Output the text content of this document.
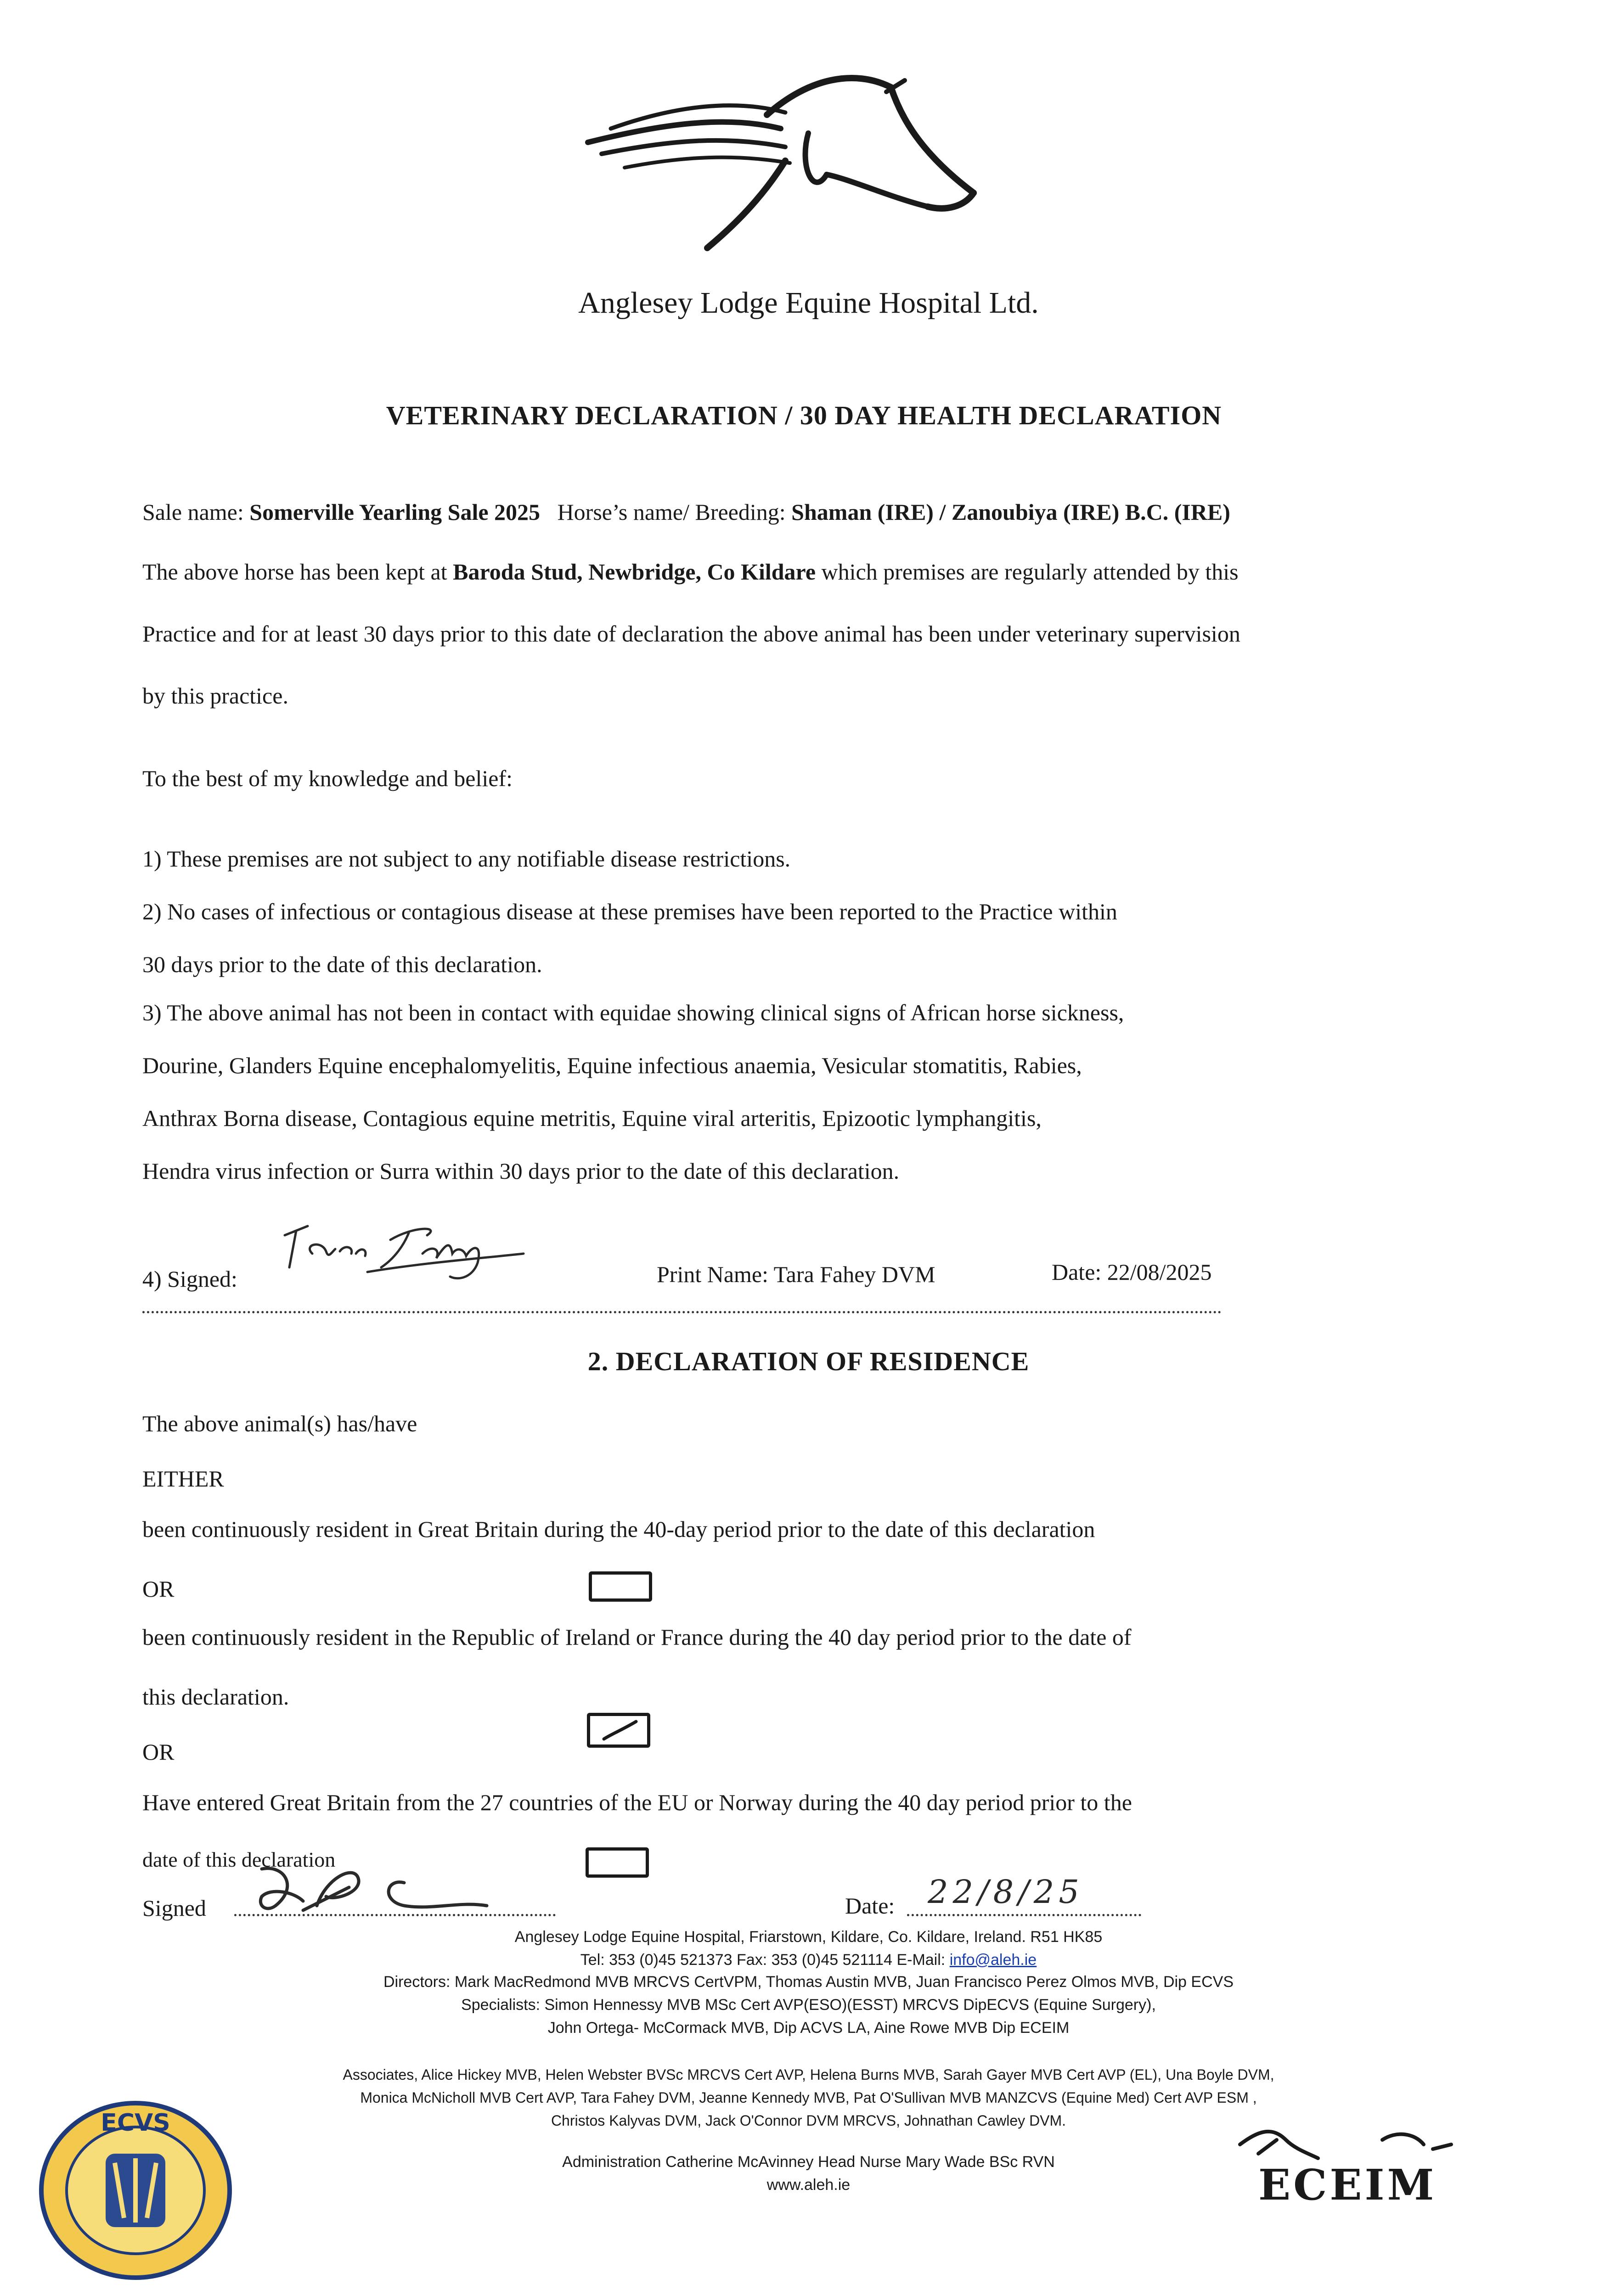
Anglesey Lodge Equine Hospital Ltd.
VETERINARY DECLARATION / 30 DAY HEALTH DECLARATION
Sale name: Somerville Yearling Sale 2025 Horse’s name/ Breeding: Shaman (IRE) / Zanoubiya (IRE) B.C. (IRE)
The above horse has been kept at Baroda Stud, Newbridge, Co Kildare which premises are regularly attended by this
Practice and for at least 30 days prior to this date of declaration the above animal has been under veterinary supervision
by this practice.
To the best of my knowledge and belief:
1) These premises are not subject to any notifiable disease restrictions.
2) No cases of infectious or contagious disease at these premises have been reported to the Practice within
30 days prior to the date of this declaration.
3) The above animal has not been in contact with equidae showing clinical signs of African horse sickness,
Dourine, Glanders Equine encephalomyelitis, Equine infectious anaemia, Vesicular stomatitis, Rabies,
Anthrax Borna disease, Contagious equine metritis, Equine viral arteritis, Epizootic lymphangitis,
Hendra virus infection or Surra within 30 days prior to the date of this declaration.
4) Signed:	Print Name: Tara Fahey DVM	Date: 22/08/2025
2. DECLARATION OF RESIDENCE
The above animal(s) has/have
EITHER
been continuously resident in Great Britain during the 40-day period prior to the date of this declaration
OR
been continuously resident in the Republic of Ireland or France during the 40 day period prior to the date of
this declaration.
OR
Have entered Great Britain from the 27 countries of the EU or Norway during the 40 day period prior to the
date of this declaration
Signed	Date: 22/8/25
Anglesey Lodge Equine Hospital, Friarstown, Kildare, Co. Kildare, Ireland. R51 HK85
Tel: 353 (0)45 521373 Fax: 353 (0)45 521114 E-Mail: info@aleh.ie
Directors: Mark MacRedmond MVB MRCVS CertVPM, Thomas Austin MVB, Juan Francisco Perez Olmos MVB, Dip ECVS
Specialists: Simon Hennessy MVB MSc Cert AVP(ESO)(ESST) MRCVS DipECVS (Equine Surgery),
John Ortega- McCormack MVB, Dip ACVS LA, Aine Rowe MVB Dip ECEIM
Associates, Alice Hickey MVB, Helen Webster BVSc MRCVS Cert AVP, Helena Burns MVB, Sarah Gayer MVB Cert AVP (EL), Una Boyle DVM,
Monica McNicholl MVB Cert AVP, Tara Fahey DVM, Jeanne Kennedy MVB, Pat O'Sullivan MVB MANZCVS (Equine Med) Cert AVP ESM ,
Christos Kalyvas DVM, Jack O'Connor DVM MRCVS, Johnathan Cawley DVM.
Administration Catherine McAvinney Head Nurse Mary Wade BSc RVN
www.aleh.ie
ECVS
ECEIM
